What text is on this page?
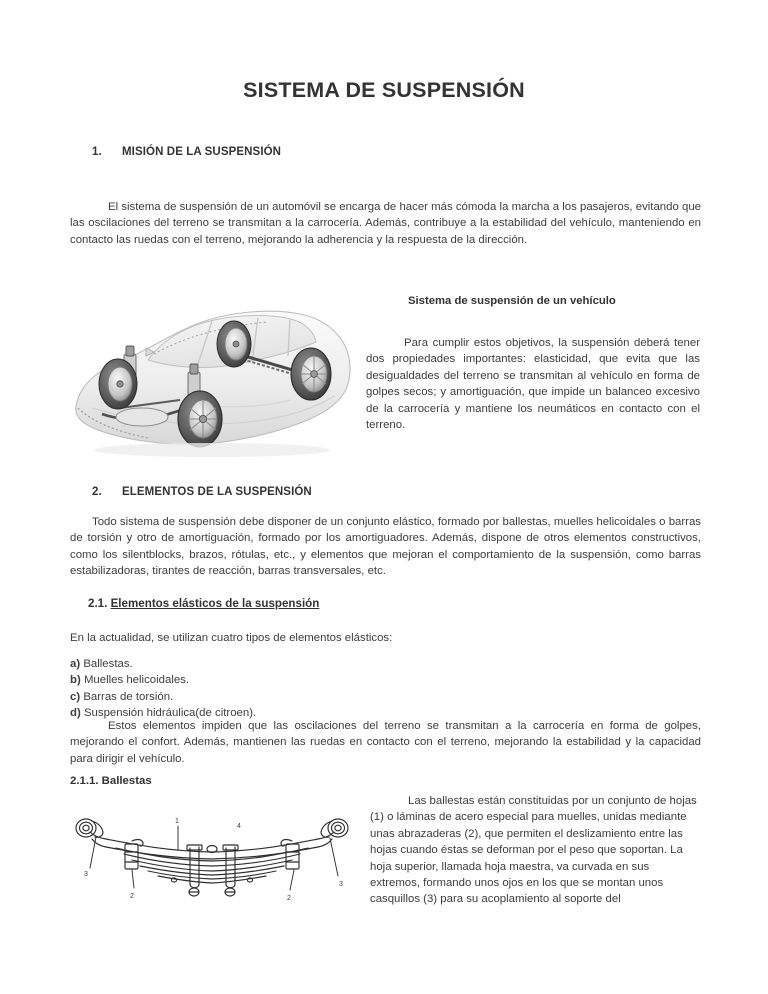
SISTEMA DE SUSPENSIÓN
1. MISIÓN DE LA SUSPENSIÓN
El sistema de suspensión de un automóvil se encarga de hacer más cómoda la marcha a los pasajeros, evitando que las oscilaciones del terreno se transmitan a la carrocería. Además, contribuye a la estabilidad del vehículo, manteniendo en contacto las ruedas con el terreno, mejorando la adherencia y la respuesta de la dirección.
Sistema de suspensión de un vehículo
Para cumplir estos objetivos, la suspensión deberá tener dos propiedades importantes: elasticidad, que evita que las desigualdades del terreno se transmitan al vehículo en forma de golpes secos; y amortiguación, que impide un balanceo excesivo de la carrocería y mantiene los neumáticos en contacto con el terreno.
2. ELEMENTOS DE LA SUSPENSIÓN
Todo sistema de suspensión debe disponer de un conjunto elástico, formado por ballestas, muelles helicoidales o barras de torsión y otro de amortiguación, formado por los amortiguadores. Además, dispone de otros elementos constructivos, como los silentblocks, brazos, rótulas, etc., y elementos que mejoran el comportamiento de la suspensión, como barras estabilizadoras, tirantes de reacción, barras transversales, etc.
2.1. Elementos elásticos de la suspensión
En la actualidad, se utilizan cuatro tipos de elementos elásticos:
a) Ballestas.
b) Muelles helicoidales.
c) Barras de torsión.
d) Suspensión hidráulica(de citroen).
Estos elementos impiden que las oscilaciones del terreno se transmitan a la carrocería en forma de golpes, mejorando el confort. Además, mantienen las ruedas en contacto con el terreno, mejorando la estabilidad y la capacidad para dirigir el vehículo.
2.1.1. Ballestas
1
2
3
4
2
3
Las ballestas están constituidas por un conjunto de hojas (1) o láminas de acero especial para muelles, unidas mediante unas abrazaderas (2), que permiten el deslizamiento entre las hojas cuando éstas se deforman por el peso que soportan. La hoja superior, llamada hoja maestra, va curvada en sus extremos, formando unos ojos en los que se montan unos casquillos (3) para su acoplamiento al soporte del
